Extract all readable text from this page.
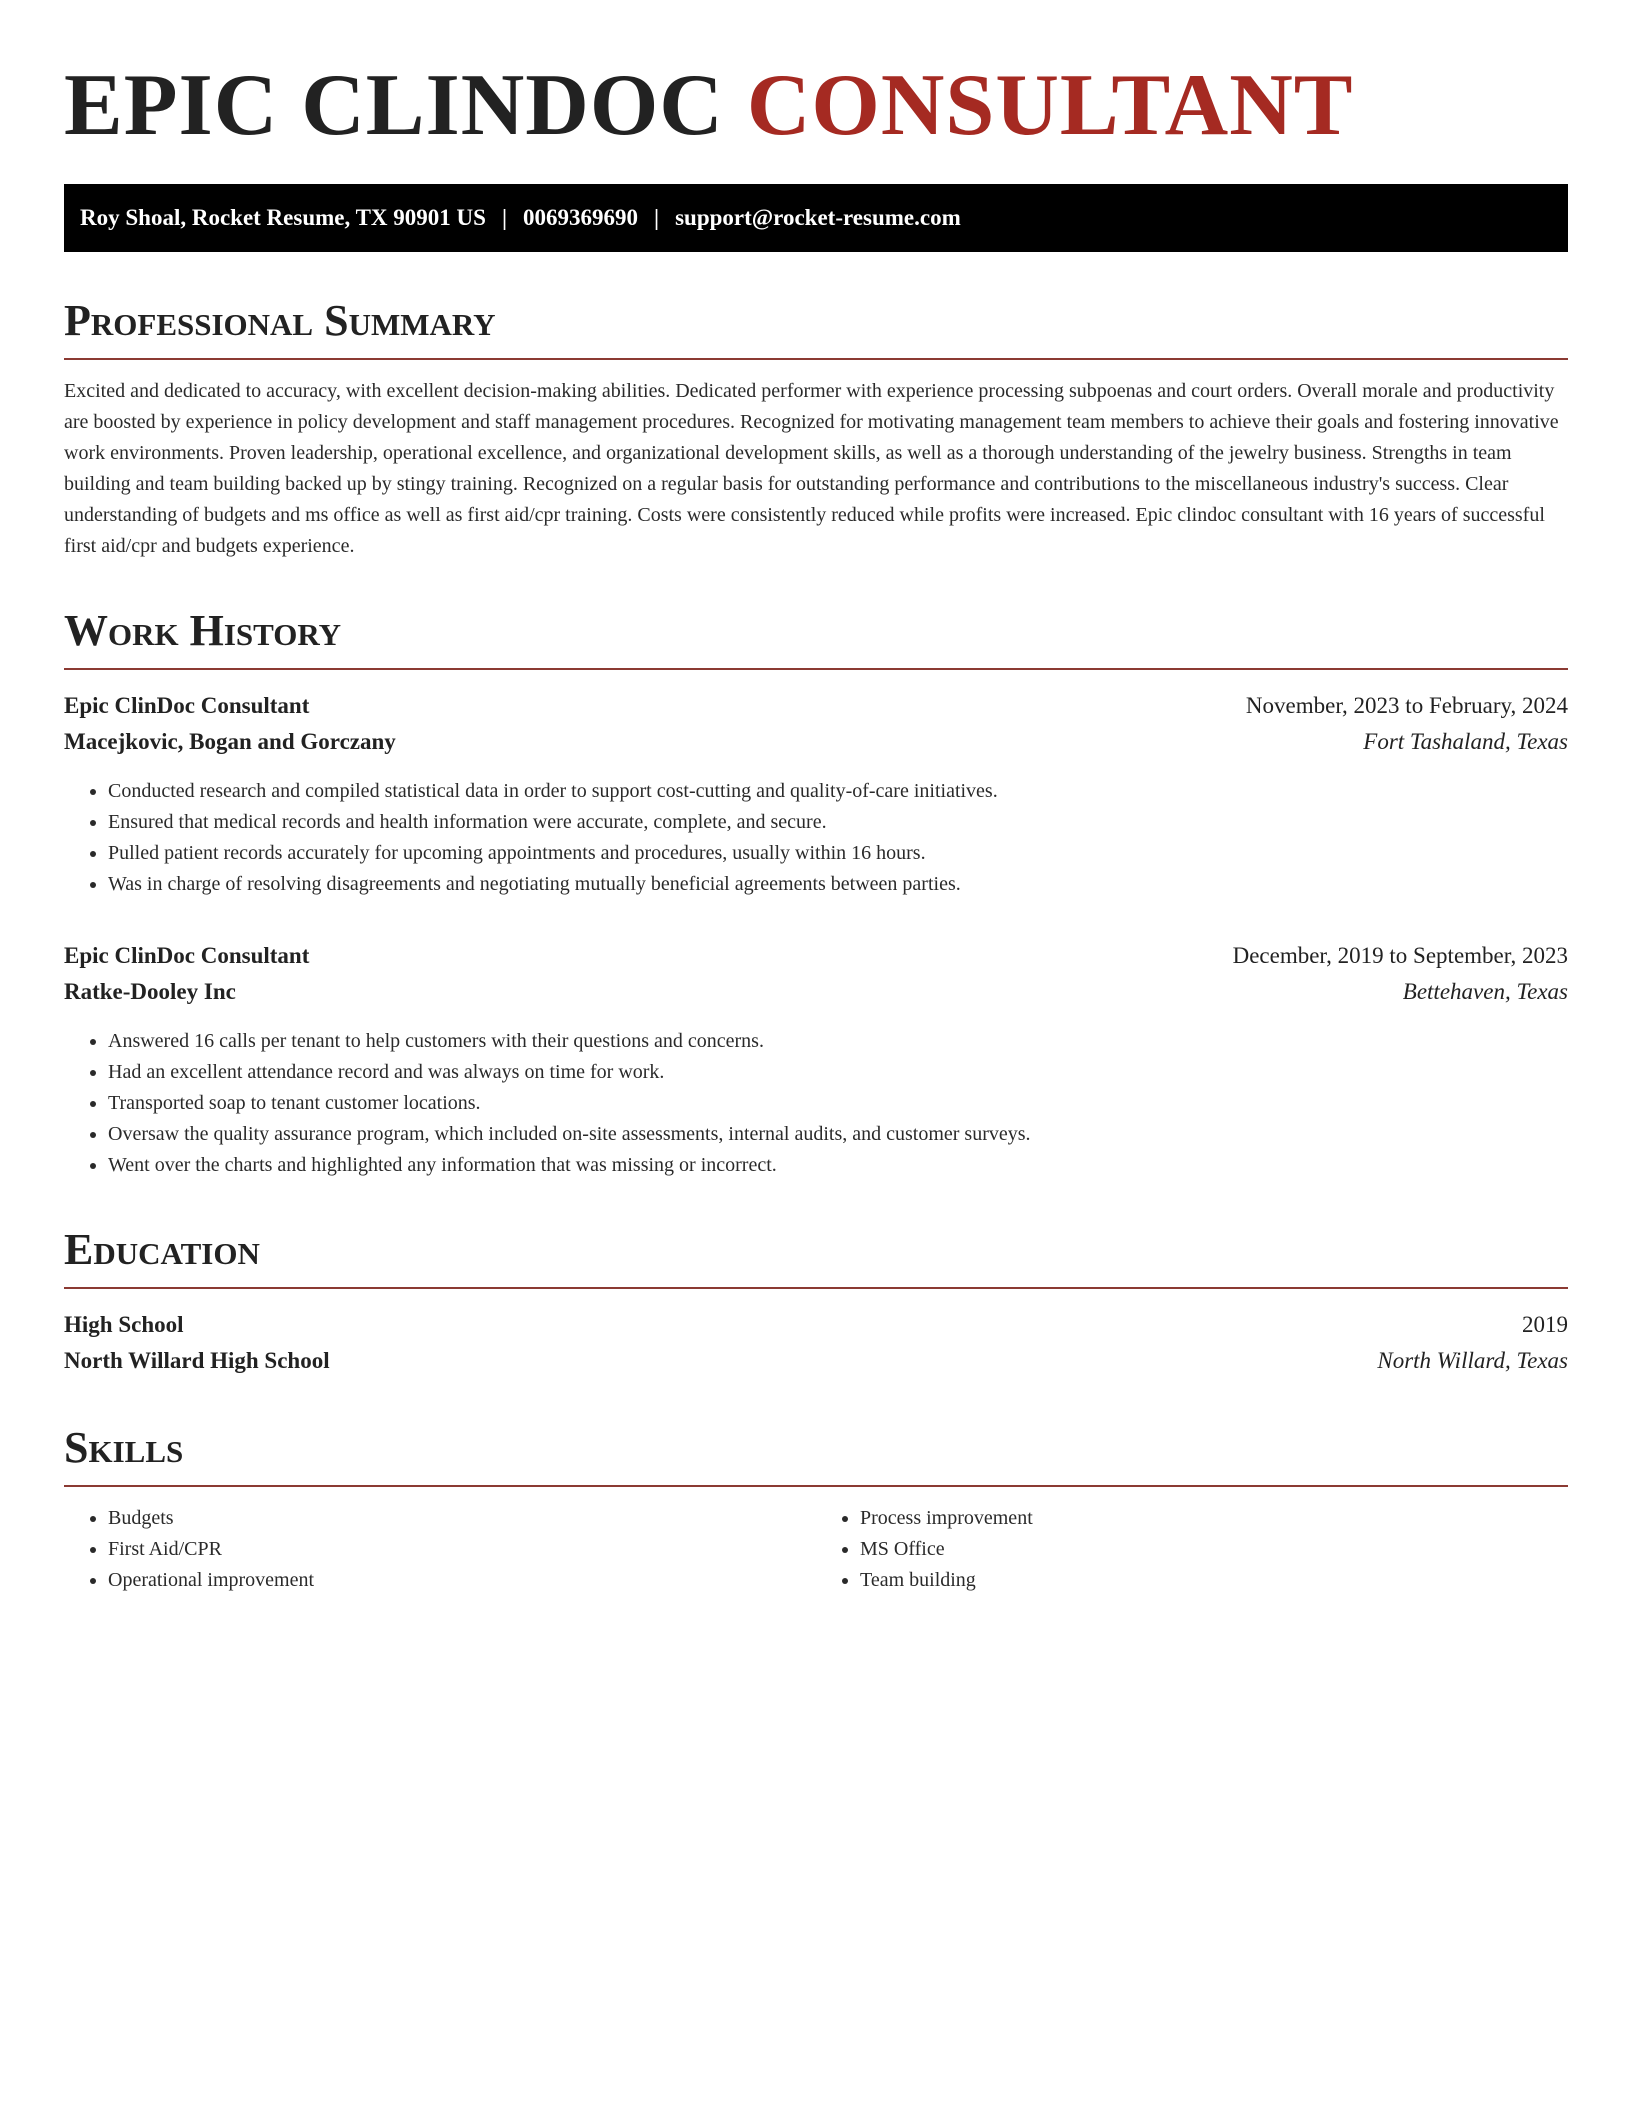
EPIC CLINDOC CONSULTANT
Roy Shoal, Rocket Resume, TX 90901 US | 0069369690 | support@rocket-resume.com
Professional Summary

Excited and dedicated to accuracy, with excellent decision-making abilities. Dedicated performer with experience processing subpoenas and court orders. Overall morale and productivity are boosted by experience in policy development and staff management procedures. Recognized for motivating management team members to achieve their goals and fostering innovative work environments. Proven leadership, operational excellence, and organizational development skills, as well as a thorough understanding of the jewelry business. Strengths in team building and team building backed up by stingy training. Recognized on a regular basis for outstanding performance and contributions to the miscellaneous industry's success. Clear understanding of budgets and ms office as well as first aid/cpr training. Costs were consistently reduced while profits were increased. Epic clindoc consultant with 16 years of successful first aid/cpr and budgets experience.

Work History
Epic ClinDoc Consultant	November, 2023 to February, 2024
Macejkovic, Bogan and Gorczany	Fort Tashaland, Texas
• Conducted research and compiled statistical data in order to support cost-cutting and quality-of-care initiatives.
• Ensured that medical records and health information were accurate, complete, and secure.
• Pulled patient records accurately for upcoming appointments and procedures, usually within 16 hours.
• Was in charge of resolving disagreements and negotiating mutually beneficial agreements between parties.
Epic ClinDoc Consultant	December, 2019 to September, 2023
Ratke-Dooley Inc	Bettehaven, Texas
• Answered 16 calls per tenant to help customers with their questions and concerns.
• Had an excellent attendance record and was always on time for work.
• Transported soap to tenant customer locations.
• Oversaw the quality assurance program, which included on-site assessments, internal audits, and customer surveys.
• Went over the charts and highlighted any information that was missing or incorrect.
Education
High School	2019
North Willard High School	North Willard, Texas
Skills
• Budgets
• First Aid/CPR
• Operational improvement
• Process improvement
• MS Office
• Team building
